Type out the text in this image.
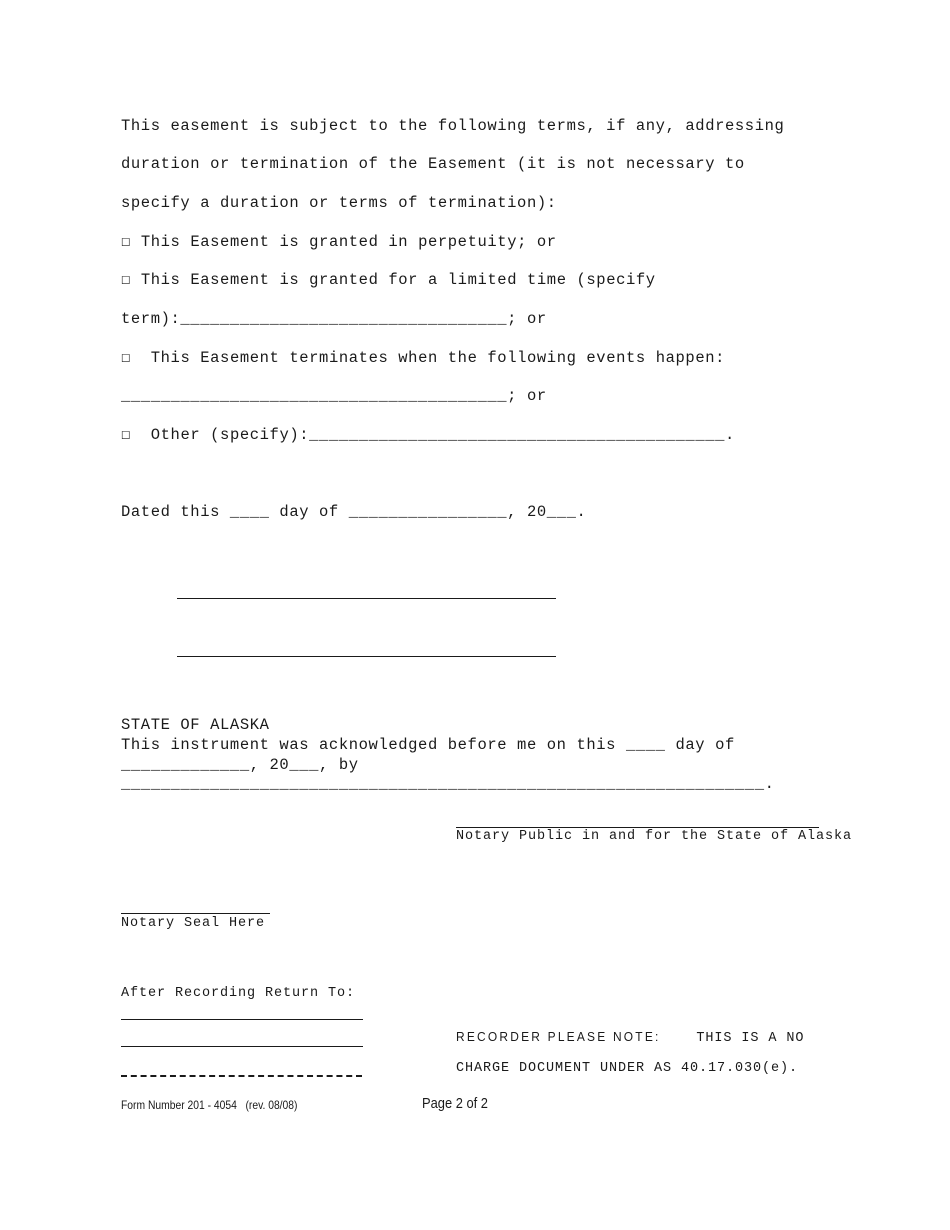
This easement is subject to the following terms, if any, addressing
duration or termination of the Easement (it is not necessary to
specify a duration or terms of termination):
☐ This Easement is granted in perpetuity; or
☐ This Easement is granted for a limited time (specify
term):_________________________________; or
☐  This Easement terminates when the following events happen:
_______________________________________; or
☐  Other (specify):__________________________________________.
Dated this ____ day of ________________, 20___.
STATE OF ALASKA
This instrument was acknowledged before me on this ____ day of
_____________, 20___, by
_________________________________________________________________.
Notary Public in and for the State of Alaska
Notary Seal Here
After Recording Return To:
RECORDER PLEASE NOTE:	THIS IS A NO
CHARGE DOCUMENT UNDER AS 40.17.030(e).
Form Number 201 - 4054   (rev. 08/08)	Page 2 of 2
